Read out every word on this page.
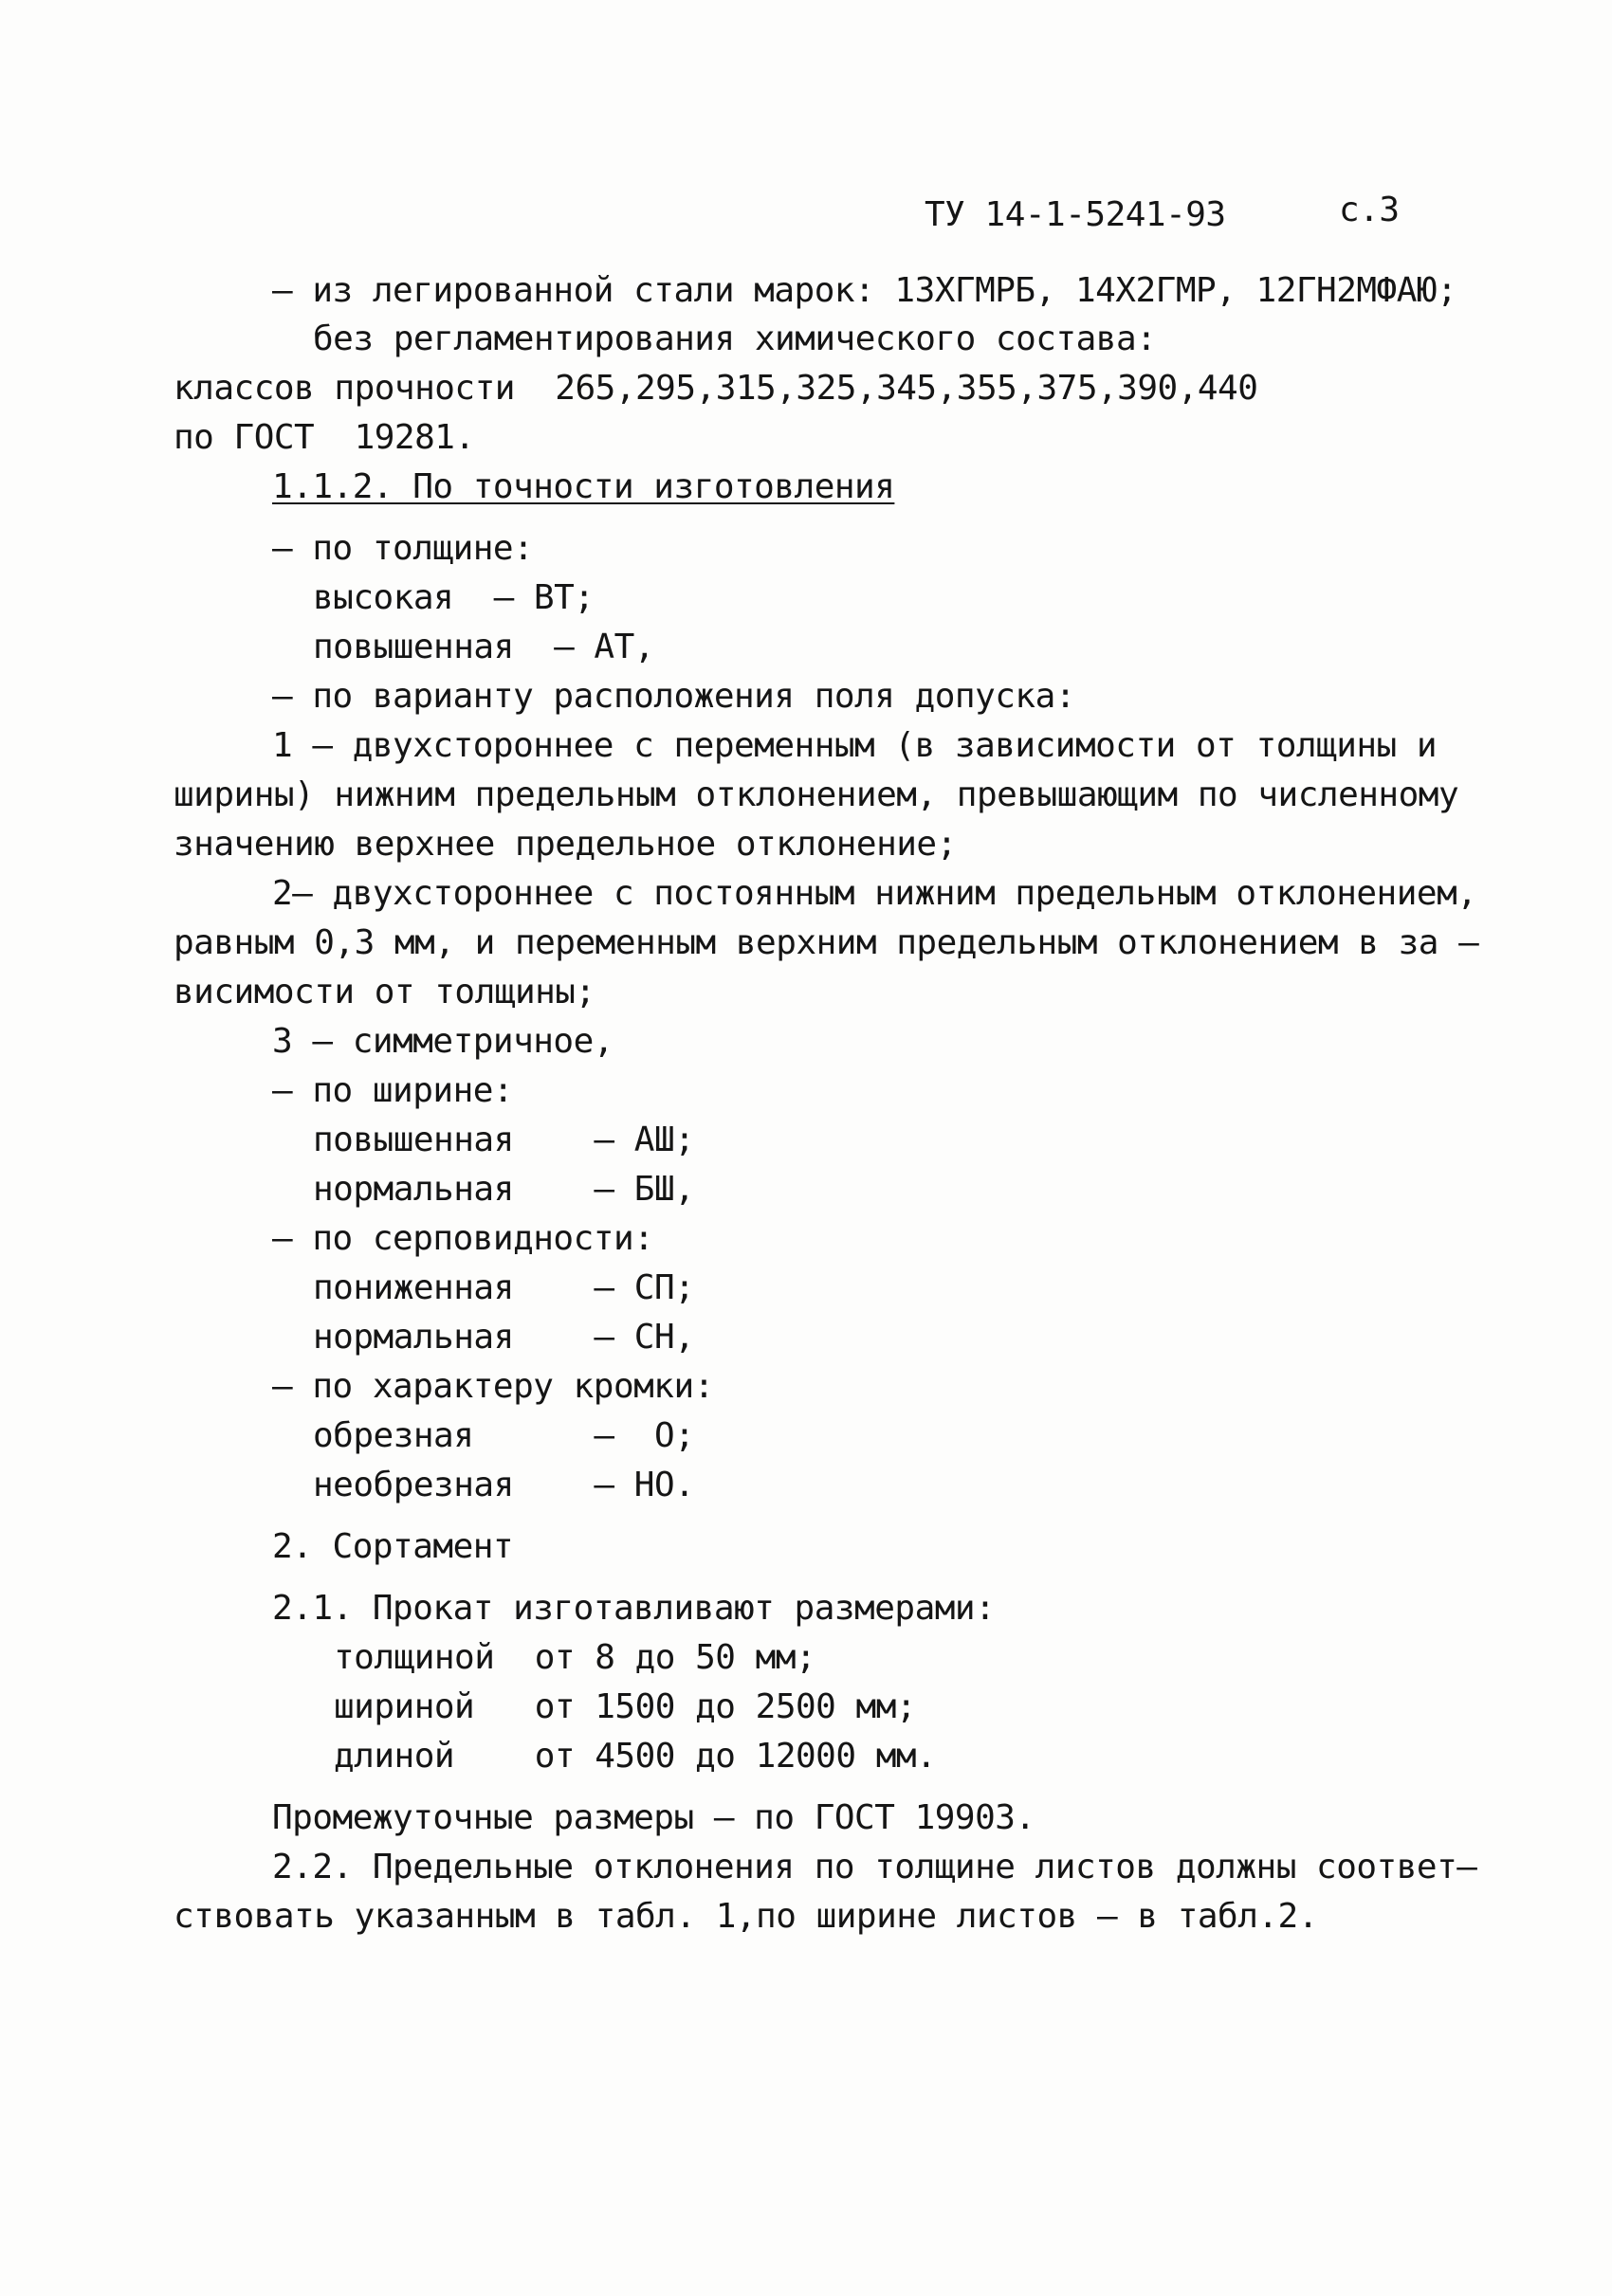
ТУ 14-1-5241-93	с.3
– из легированной стали марок: 13ХГМРБ, 14Х2ГМР, 12ГН2МФАЮ;
без регламентирования химического состава:
классов прочности  265,295,315,325,345,355,375,390,440
по ГОСТ  19281.
1.1.2. По точности изготовления
– по толщине:
высокая  – ВТ;
повышенная  – АТ,
– по варианту расположения поля допуска:
1 – двухстороннее с переменным (в зависимости от толщины и
ширины) нижним предельным отклонением, превышающим по численному
значению верхнее предельное отклонение;
2– двухстороннее с постоянным нижним предельным отклонением,
равным 0,3 мм, и переменным верхним предельным отклонением в за –
висимости от толщины;
3 – симметричное,
– по ширине:
повышенная    – АШ;
нормальная    – БШ,
– по серповидности:
пониженная    – СП;
нормальная    – СН,
– по характеру кромки:
обрезная      –  О;
необрезная    – НО.
2. Сортамент
2.1. Прокат изготавливают размерами:
толщиной  от 8 до 50 мм;
шириной   от 1500 до 2500 мм;
длиной    от 4500 до 12000 мм.
Промежуточные размеры – по ГОСТ 19903.
2.2. Предельные отклонения по толщине листов должны соответ–
ствовать указанным в табл. 1,по ширине листов – в табл.2.
